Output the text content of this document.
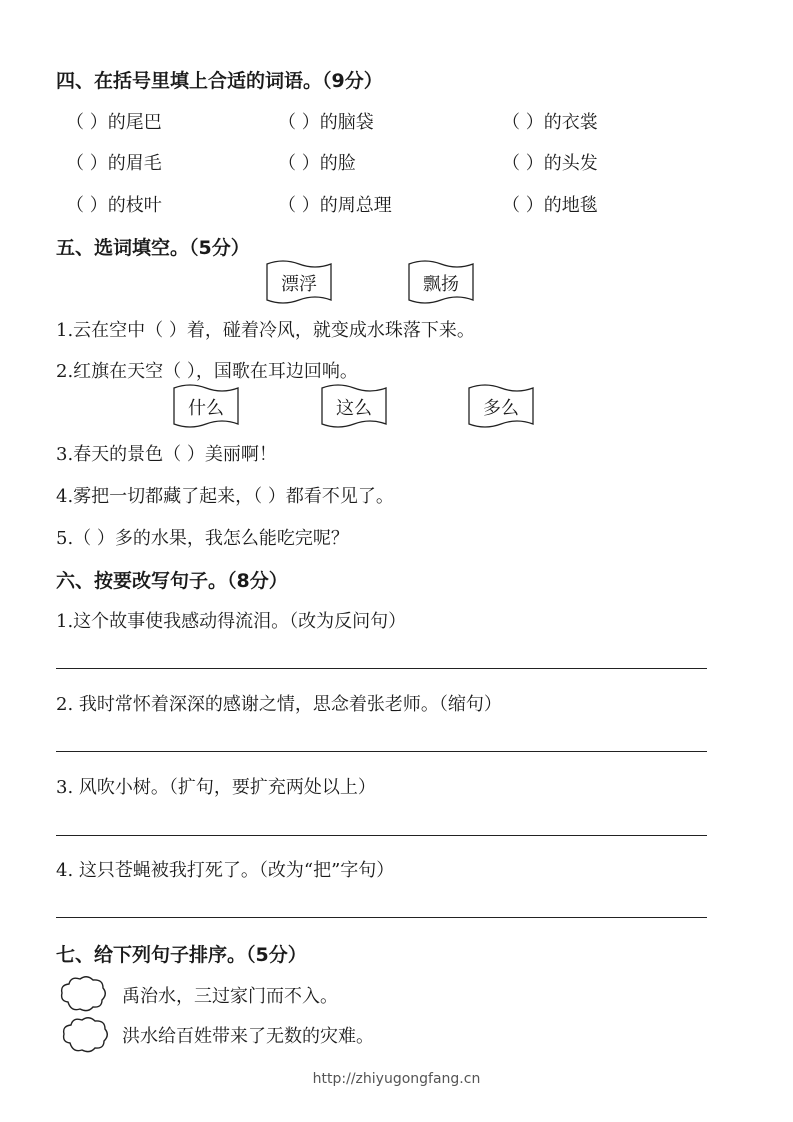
四、在括号里填上合适的词语。（9分）
（ ）的尾巴	（ ）的脑袋	（ ）的衣裳
（ ）的眉毛	（ ）的脸	（ ）的头发
（ ）的枝叶	（ ）的周总理	（ ）的地毯
五、选词填空。（5分）
漂浮	飘扬
1.云在空中（ ）着，碰着冷风，就变成水珠落下来。
2.红旗在天空（ ），国歌在耳边回响。
什么	这么	多么
3.春天的景色（ ）美丽啊！
4.雾把一切都藏了起来，（ ）都看不见了。
5.（ ）多的水果，我怎么能吃完呢？
六、按要改写句子。（8分）
1.这个故事使我感动得流泪。（改为反问句）
2. 我时常怀着深深的感谢之情，思念着张老师。（缩句）
3. 风吹小树。（扩句，要扩充两处以上）
4. 这只苍蝇被我打死了。（改为“把”字句）
七、给下列句子排序。（5分）
禹治水，三过家门而不入。
洪水给百姓带来了无数的灾难。
http://zhiyugongfang.cn
